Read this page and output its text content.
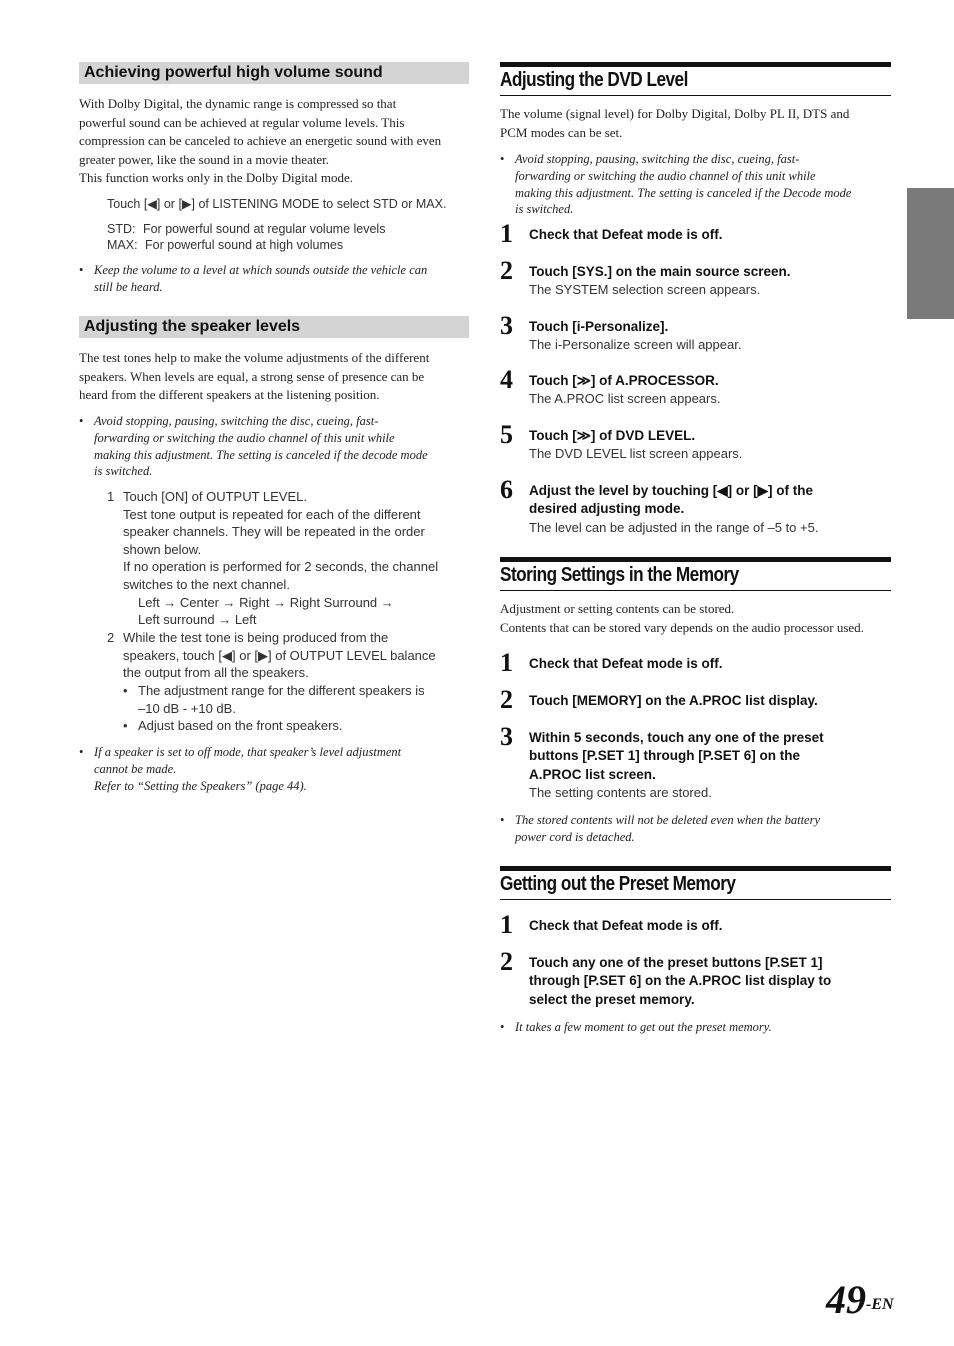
Achieving powerful high volume sound
With Dolby Digital, the dynamic range is compressed so that
powerful sound can be achieved at regular volume levels. This
compression can be canceled to achieve an energetic sound with even
greater power, like the sound in a movie theater.
This function works only in the Dolby Digital mode.
Touch [◀] or [▶] of LISTENING MODE to select STD or MAX.
STD: For powerful sound at regular volume levels
MAX: For powerful sound at high volumes
• Keep the volume to a level at which sounds outside the vehicle can
still be heard.
Adjusting the speaker levels
The test tones help to make the volume adjustments of the different
speakers. When levels are equal, a strong sense of presence can be
heard from the different speakers at the listening position.
• Avoid stopping, pausing, switching the disc, cueing, fast-
forwarding or switching the audio channel of this unit while
making this adjustment. The setting is canceled if the decode mode
is switched.
1 Touch [ON] of OUTPUT LEVEL.
Test tone output is repeated for each of the different
speaker channels. They will be repeated in the order
shown below.
If no operation is performed for 2 seconds, the channel
switches to the next channel.
Left → Center → Right → Right Surround →
Left surround → Left
2 While the test tone is being produced from the
speakers, touch [◀] or [▶] of OUTPUT LEVEL balance
the output from all the speakers.
• The adjustment range for the different speakers is
–10 dB - +10 dB.
• Adjust based on the front speakers.
• If a speaker is set to off mode, that speaker’s level adjustment
cannot be made.
Refer to “Setting the Speakers” (page 44).
Adjusting the DVD Level
The volume (signal level) for Dolby Digital, Dolby PL II, DTS and
PCM modes can be set.
• Avoid stopping, pausing, switching the disc, cueing, fast-
forwarding or switching the audio channel of this unit while
making this adjustment. The setting is canceled if the Decode mode
is switched.
1 Check that Defeat mode is off.
2 Touch [SYS.] on the main source screen.
The SYSTEM selection screen appears.
3 Touch [i-Personalize].
The i-Personalize screen will appear.
4 Touch [≫] of A.PROCESSOR.
The A.PROC list screen appears.
5 Touch [≫] of DVD LEVEL.
The DVD LEVEL list screen appears.
6 Adjust the level by touching [◀] or [▶] of the
desired adjusting mode.
The level can be adjusted in the range of –5 to +5.
Storing Settings in the Memory
Adjustment or setting contents can be stored.
Contents that can be stored vary depends on the audio processor used.
1 Check that Defeat mode is off.
2 Touch [MEMORY] on the A.PROC list display.
3 Within 5 seconds, touch any one of the preset
buttons [P.SET 1] through [P.SET 6] on the
A.PROC list screen.
The setting contents are stored.
• The stored contents will not be deleted even when the battery
power cord is detached.
Getting out the Preset Memory
1 Check that Defeat mode is off.
2 Touch any one of the preset buttons [P.SET 1]
through [P.SET 6] on the A.PROC list display to
select the preset memory.
• It takes a few moment to get out the preset memory.
49 -EN
